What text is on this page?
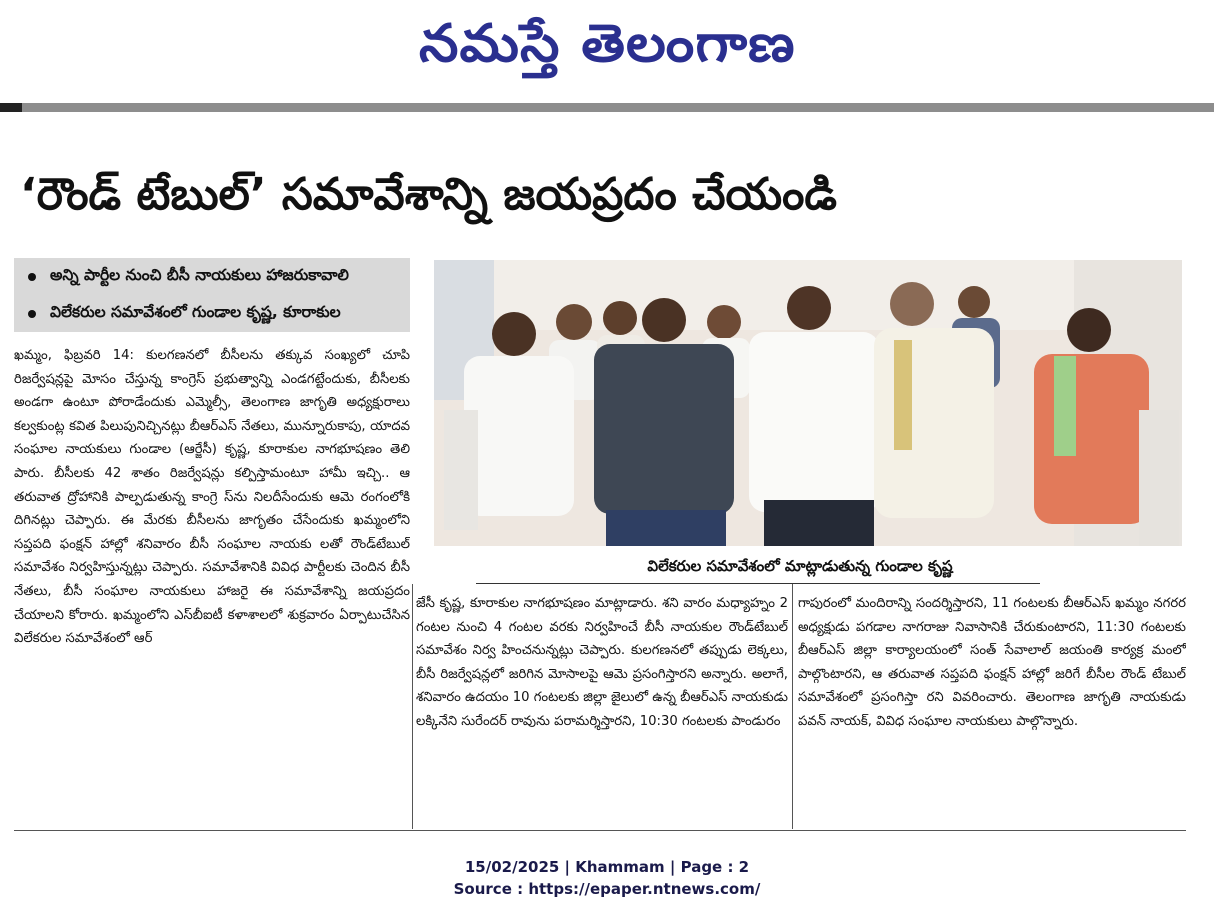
నమస్తే తెలంగాణ
‘రౌండ్ టేబుల్’ సమావేశాన్ని జయప్రదం చేయండి
అన్ని పార్టీల నుంచి బీసీ నాయకులు హాజరుకావాలి
విలేకరుల సమావేశంలో గుండాల కృష్ణ, కూరాకుల
విలేకరుల సమావేశంలో మాట్లాడుతున్న గుండాల కృష్ణ

ఖమ్మం, ఫిబ్రవరి 14: కులగణనలో బీసీలను తక్కువ సంఖ్యలో చూపి రిజర్వేషన్లపై మోసం చేస్తున్న కాంగ్రెస్ ప్రభుత్వాన్ని ఎండగట్టేందుకు, బీసీలకు అండగా ఉంటూ పోరాడేందుకు ఎమ్మెల్సీ, తెలంగాణ జాగృతి అధ్యక్షురాలు కల్వకుంట్ల కవిత పిలుపునిచ్చినట్లు బీఆర్ఎస్ నేతలు, మున్నూరుకాపు, యాదవ సంఘాల నాయకులు గుండాల (ఆర్జేసీ) కృష్ణ, కూరాకుల నాగభూషణం తెలి పారు. బీసీలకు 42 శాతం రిజర్వేషన్లు కల్పిస్తామంటూ హామీ ఇచ్చి.. ఆ తరువాత ద్రోహానికి పాల్పడుతున్న కాంగ్రె స్‌ను నిలదీసేందుకు ఆమె రంగంలోకి దిగినట్లు చెప్పారు. ఈ మేరకు బీసీలను జాగృతం చేసేందుకు ఖమ్మంలోని సప్తపది ఫంక్షన్ హాల్లో శనివారం బీసీ సంఘాల నాయకు లతో రౌండ్‌టేబుల్ సమావేశం నిర్వహిస్తున్నట్లు చెప్పారు. సమావేశానికి వివిధ పార్టీలకు చెందిన బీసీ నేతలు, బీసీ సంఘాల నాయకులు హాజరై ఈ సమావేశాన్ని జయప్రదం చేయాలని కోరారు. ఖమ్మంలోని ఎస్‌బీఐటీ కళాశాలలో శుక్రవారం ఏర్పాటుచేసిన విలేకరుల సమావేశంలో ఆర్

జేసీ కృష్ణ, కూరాకుల నాగభూషణం మాట్లాడారు. శని వారం మధ్యాహ్నం 2 గంటల నుంచి 4 గంటల వరకు నిర్వహించే బీసీ నాయకుల రౌండ్‌టేబుల్ సమావేశం నిర్వ హించనున్నట్లు చెప్పారు. కులగణనలో తప్పుడు లెక్కలు, బీసీ రిజర్వేషన్లలో జరిగిన మోసాలపై ఆమె ప్రసంగిస్తారని అన్నారు. అలాగే, శనివారం ఉదయం 10 గంటలకు జిల్లా జైలులో ఉన్న బీఆర్ఎస్ నాయకుడు లక్కినేని సురేందర్ రావును పరామర్శిస్తారని, 10:30 గంటలకు పాండురం

గాపురంలో మందిరాన్ని సందర్శిస్తారని, 11 గంటలకు బీఆర్ఎస్ ఖమ్మం నగరర అధ్యక్షుడు పగడాల నాగరాజు నివాసానికి చేరుకుంటారని, 11:30 గంటలకు బీఆర్ఎస్ జిల్లా కార్యాలయంలో సంత్ సేవాలాల్ జయంతి కార్యక్ర మంలో పాల్గొంటారని, ఆ తరువాత సప్తపది ఫంక్షన్ హాల్లో జరిగే బీసీల రౌండ్ టేబుల్ సమావేశంలో ప్రసంగిస్తా రని వివరించారు. తెలంగాణ జాగృతి నాయకుడు పవన్ నాయక్, వివిధ సంఘాల నాయకులు పాల్గొన్నారు.

15/02/2025 | Khammam | Page : 2
Source : https://epaper.ntnews.com/
